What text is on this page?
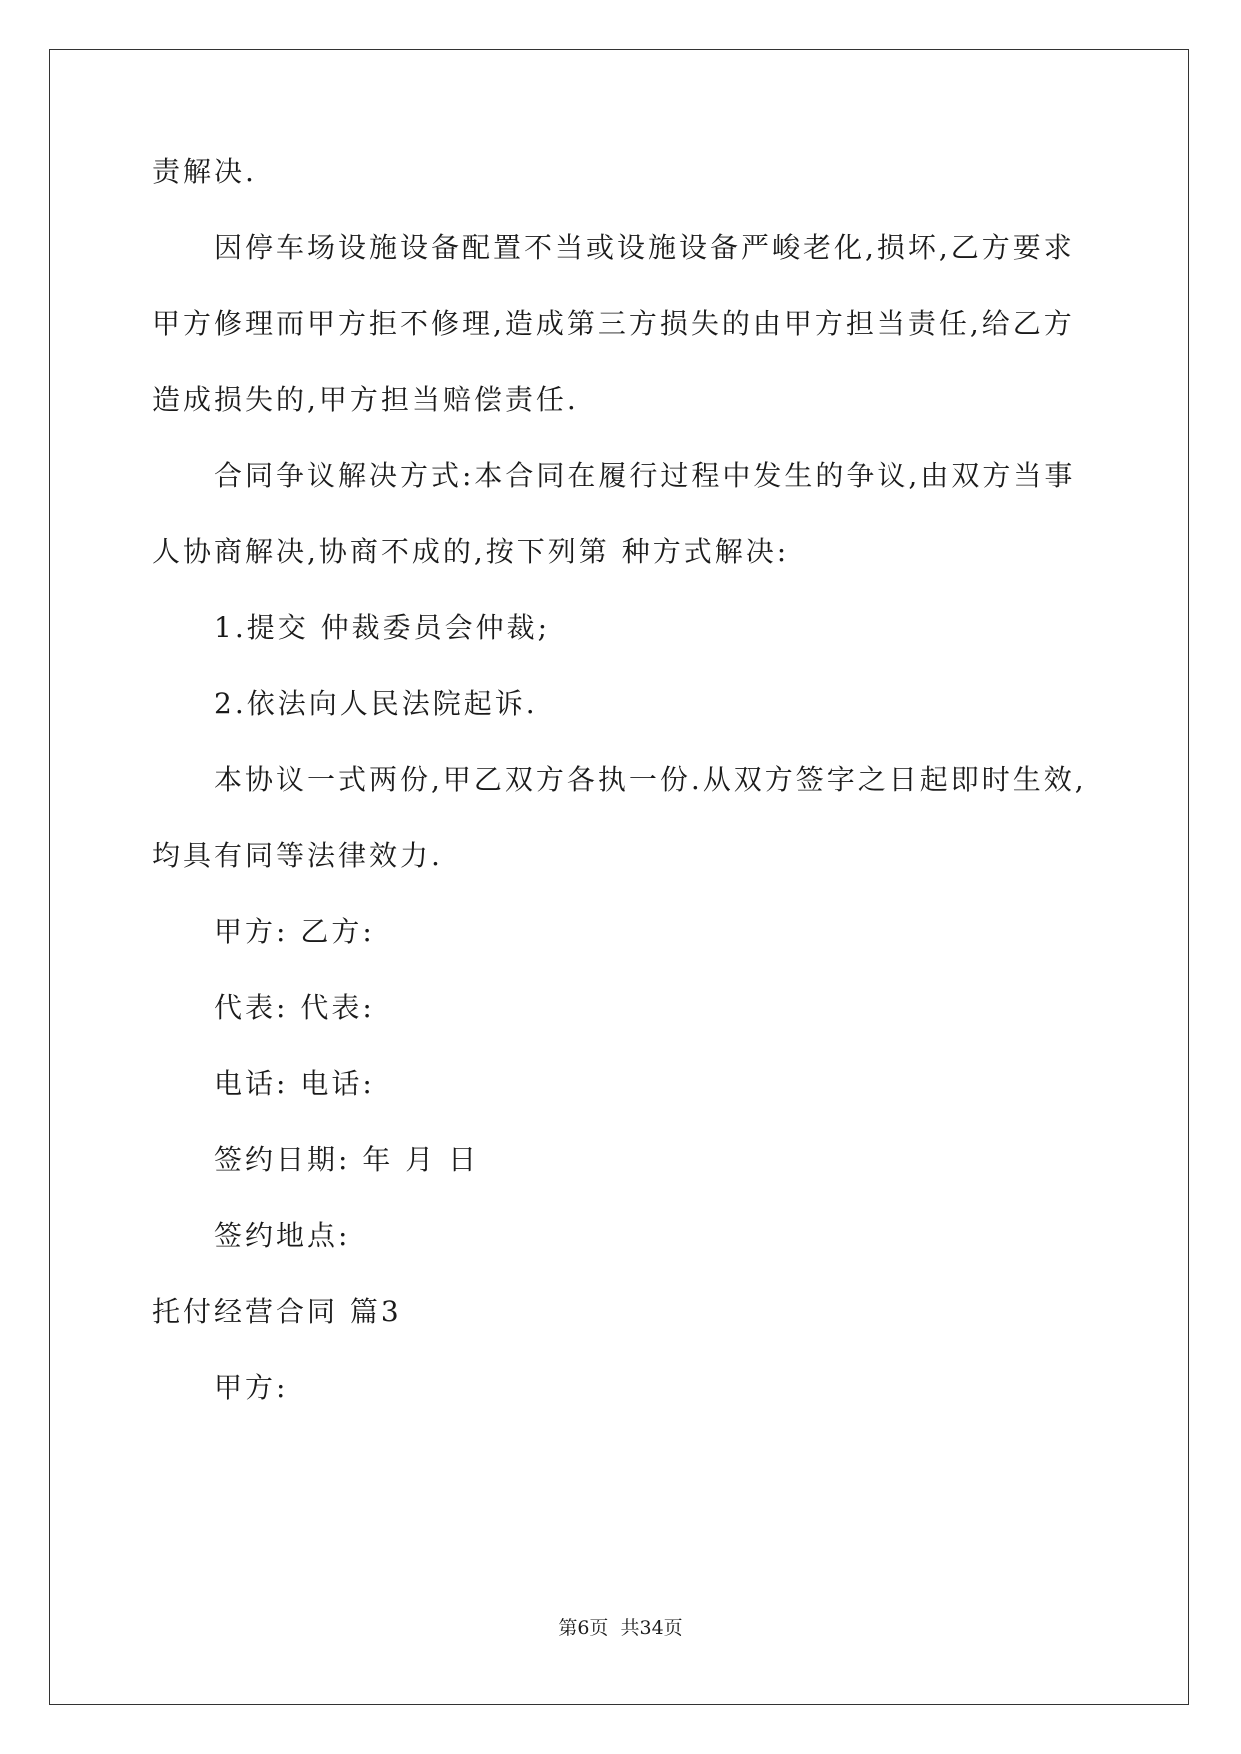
责解决.
因停车场设施设备配置不当或设施设备严峻老化,损坏,乙方要求
甲方修理而甲方拒不修理,造成第三方损失的由甲方担当责任,给乙方
造成损失的,甲方担当赔偿责任.
合同争议解决方式:本合同在履行过程中发生的争议,由双方当事
人协商解决,协商不成的,按下列第 种方式解决:
1.提交 仲裁委员会仲裁;
2.依法向人民法院起诉.
本协议一式两份,甲乙双方各执一份.从双方签字之日起即时生效,
均具有同等法律效力.
甲方: 乙方:
代表: 代表:
电话: 电话:
签约日期: 年 月 日
签约地点:
托付经营合同 篇3
甲方:
第6页  共34页
